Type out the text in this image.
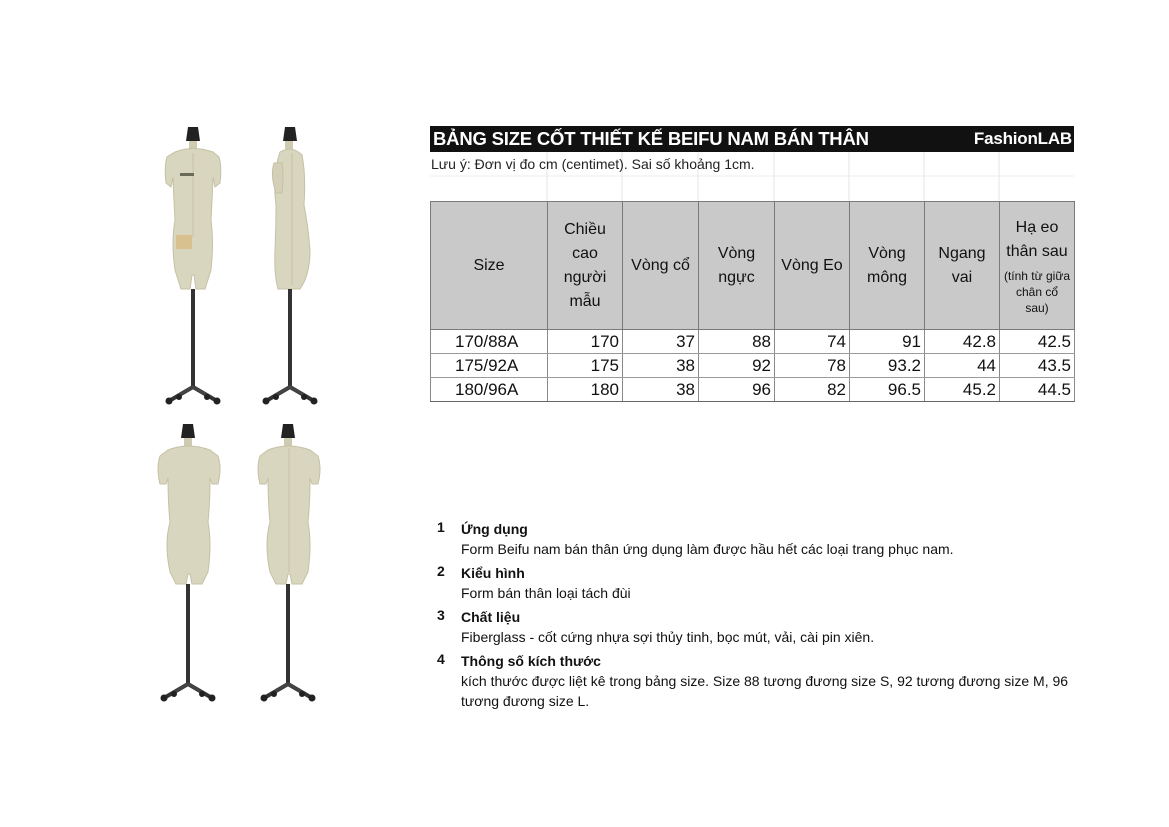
BẢNG SIZE CỐT THIẾT KẾ BEIFU NAM BÁN THÂN	FashionLAB
Lưu ý: Đơn vị đo cm (centimet). Sai số khoảng 1cm.
Size	Chiều cao người mẫu	Vòng cổ	Vòng ngực	Vòng Eo	Vòng mông	Ngang vai	Hạ eo thân sau
(tính từ giữa chân cổ sau)

170/88A	170	37	88	74	91	42.8	42.5
175/92A	175	38	92	78	93.2	44	43.5
180/96A	180	38	96	82	96.5	45.2	44.5
1 Ứng dụng
Form Beifu nam bán thân ứng dụng làm được hầu hết các loại trang phục nam.
2 Kiểu hình
Form bán thân loại tách đùi
3 Chất liệu
Fiberglass - cốt cứng nhựa sợi thủy tinh, bọc mút, vải, cài pin xiên.
4 Thông số kích thước
kích thước được liệt kê trong bảng size. Size 88 tương đương size S, 92 tương đương size M, 96 tương đương size L.
